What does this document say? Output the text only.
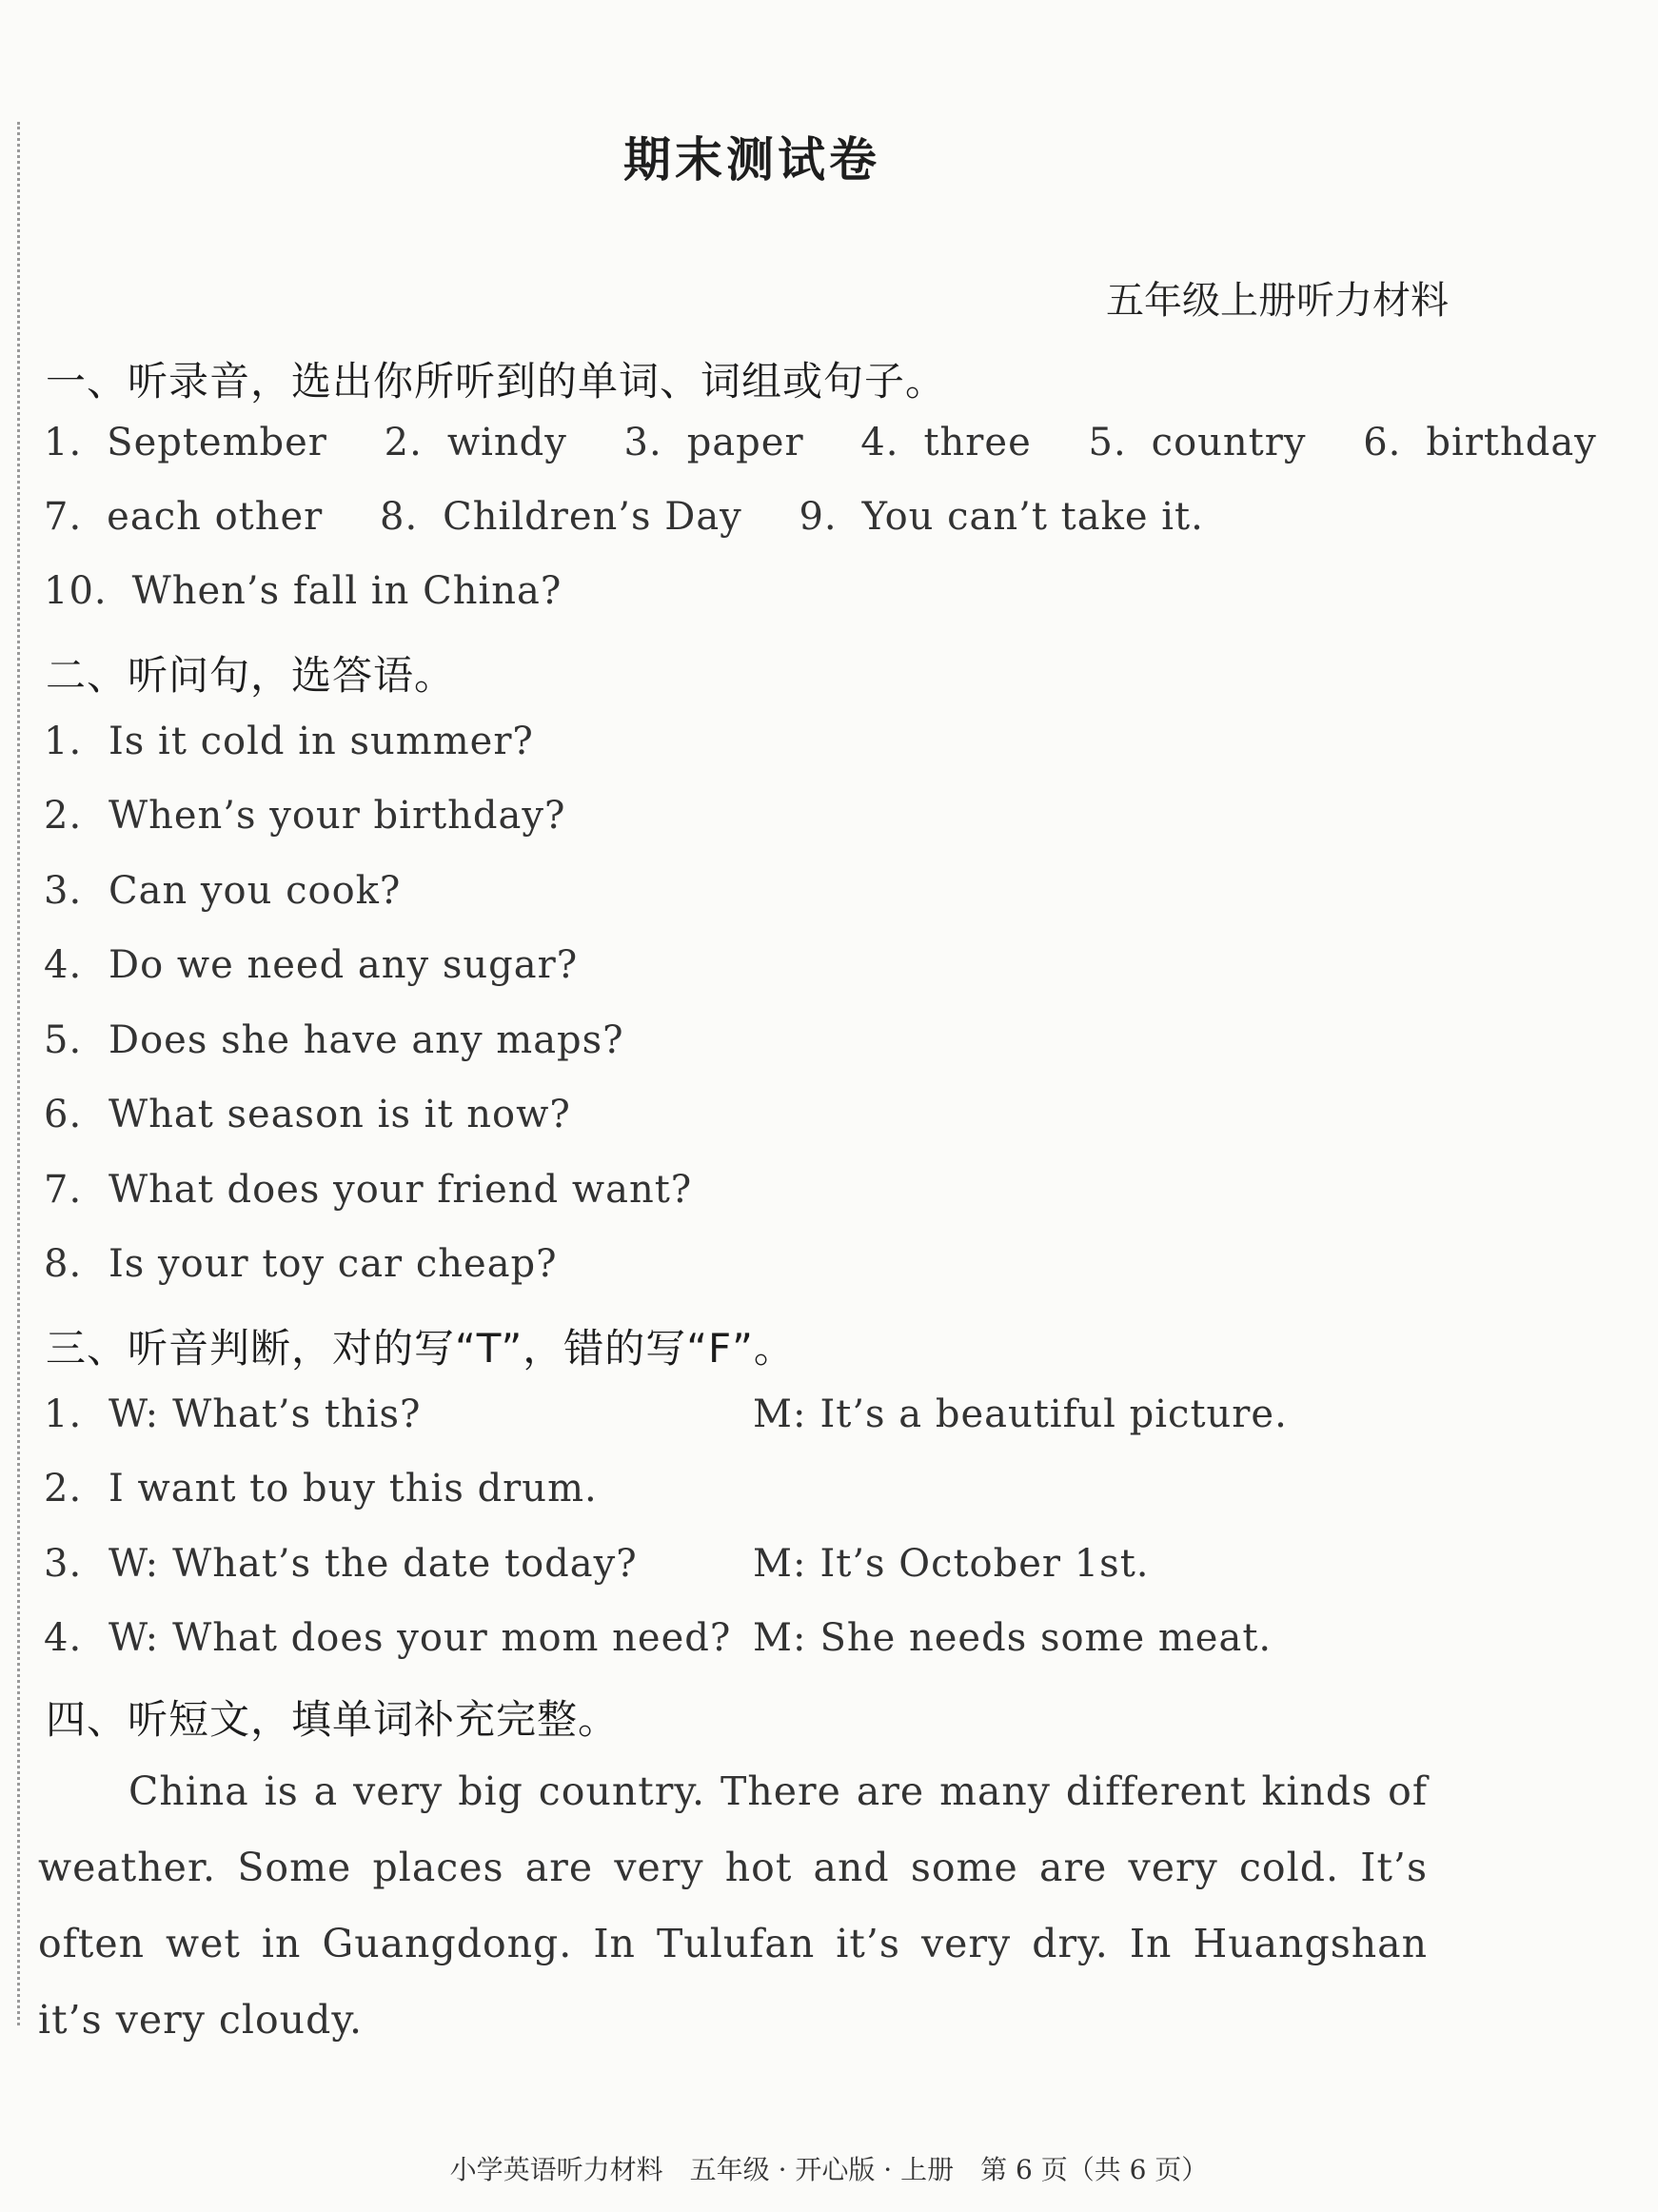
期末测试卷
五年级上册听力材料
一、听录音，选出你所听到的单词、词组或句子。
1. September 2. windy 3. paper 4. three 5. country 6. birthday
7. each other 8. Children’s Day 9. You can’t take it.
10. When’s fall in China?
二、听问句，选答语。
1. Is it cold in summer?
2. When’s your birthday?
3. Can you cook?
4. Do we need any sugar?
5. Does she have any maps?
6. What season is it now?
7. What does your friend want?
8. Is your toy car cheap?
三、听音判断，对的写“T”，错的写“F”。
1. W: What’s this?	M: It’s a beautiful picture.
2. I want to buy this drum.
3. W: What’s the date today?	M: It’s October 1st.
4. W: What does your mom need? M: She needs some meat.
四、听短文，填单词补充完整。
China is a very big country. There are many different kinds of weather. Some places are very hot and some are very cold. It’s often wet in Guangdong. In Tulufan it’s very dry. In Huangshan it’s very cloudy.
小学英语听力材料　五年级 · 开心版 · 上册　第 6 页（共 6 页）
